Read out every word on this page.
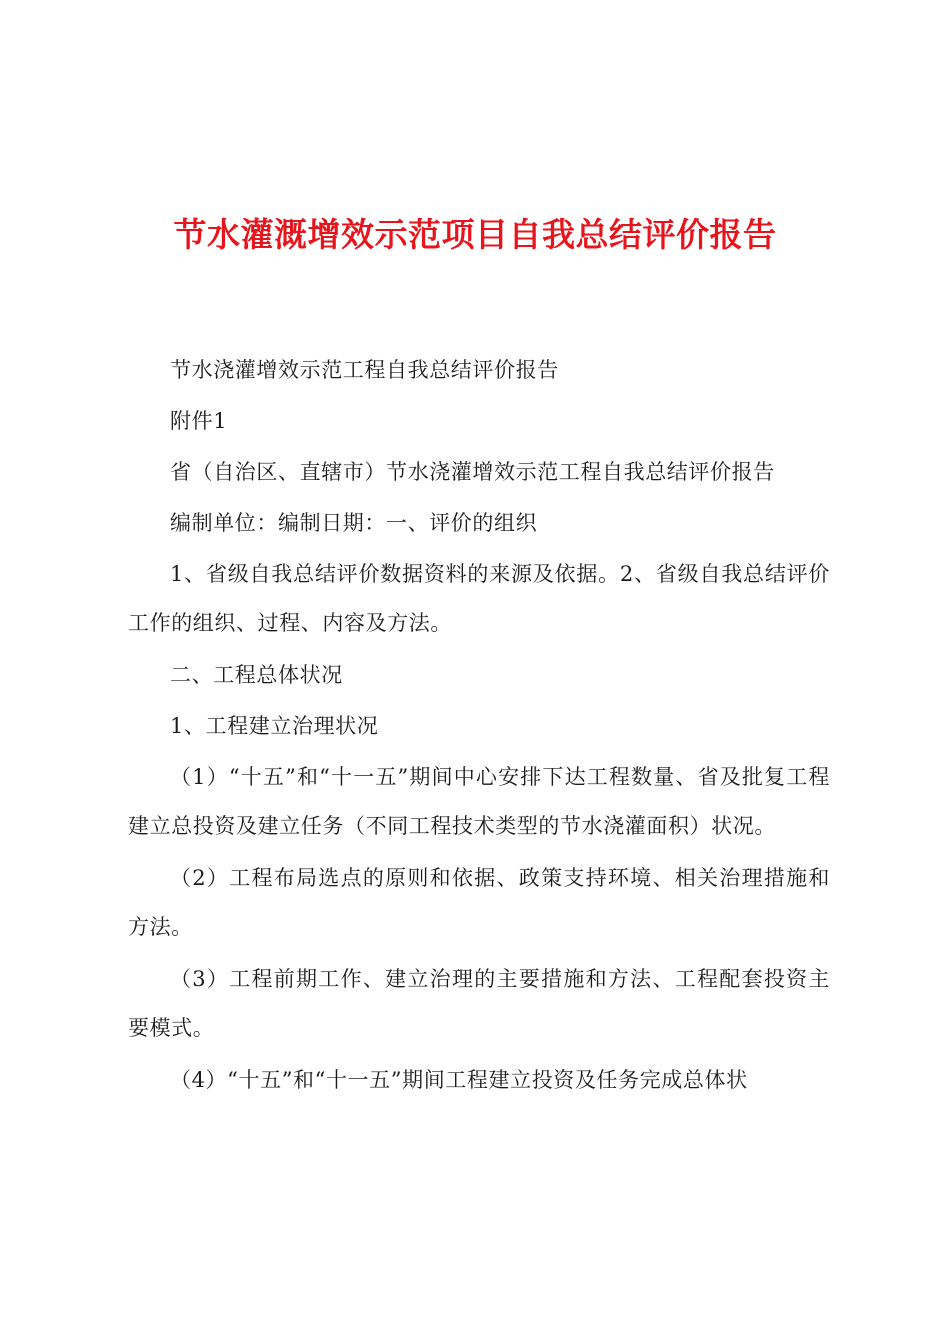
节水灌溉增效示范项目自我总结评价报告

节水浇灌增效示范工程自我总结评价报告

附件1

省（自治区、直辖市）节水浇灌增效示范工程自我总结评价报告

编制单位：编制日期：一、评价的组织

1、省级自我总结评价数据资料的来源及依据。2、省级自我总结评价工作的组织、过程、内容及方法。

二、工程总体状况

1、工程建立治理状况

（1）“十五”和“十一五”期间中心安排下达工程数量、省及批复工程建立总投资及建立任务（不同工程技术类型的节水浇灌面积）状况。

（2）工程布局选点的原则和依据、政策支持环境、相关治理措施和方法。

（3）工程前期工作、建立治理的主要措施和方法、工程配套投资主要模式。

（4）“十五”和“十一五”期间工程建立投资及任务完成总体状
